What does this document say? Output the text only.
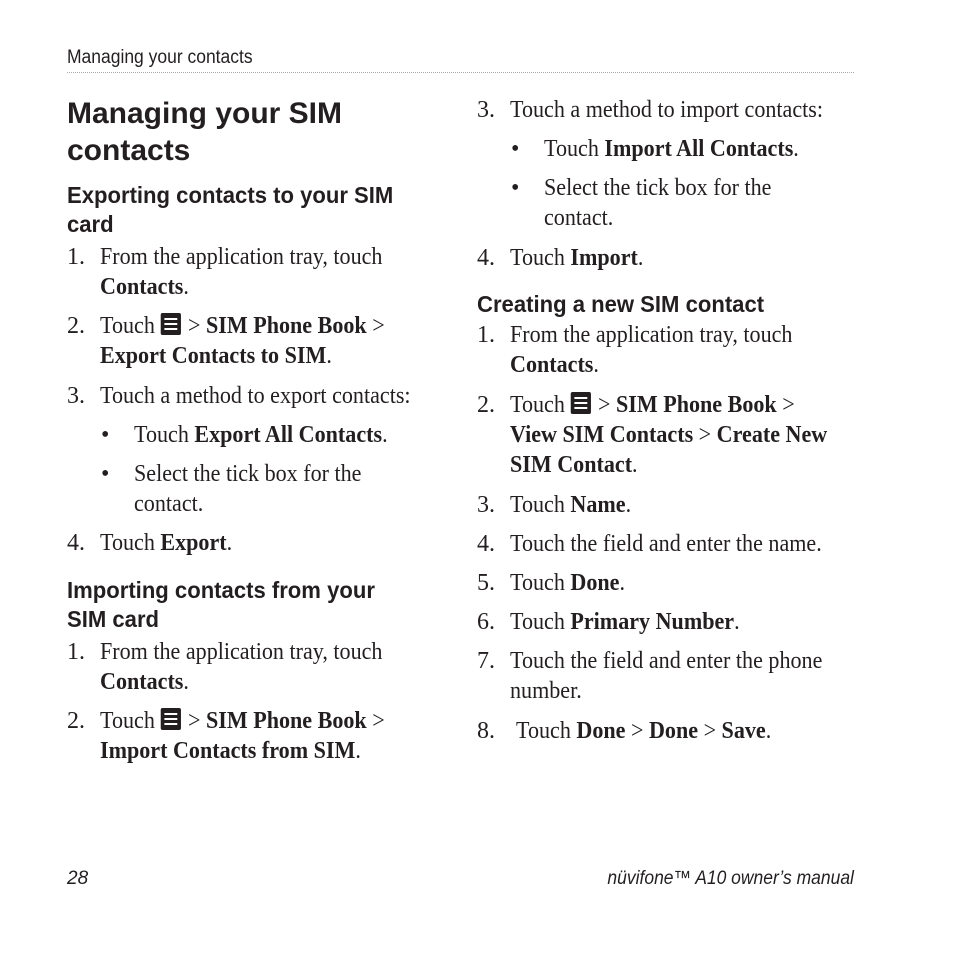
Managing your contacts
Managing your SIM
contacts
Exporting contacts to your SIM
card
1. From the application tray, touch
Contacts.
2. Touch
> SIM Phone Book >
Export Contacts to SIM.
3. Touch a method to export contacts:
• Touch Export All Contacts.
• Select the tick box for the
contact.
4. Touch Export.
Importing contacts from your
SIM card
1. From the application tray, touch
Contacts.
2. Touch
> SIM Phone Book >
Import Contacts from SIM.
3. Touch a method to import contacts:
• Touch Import All Contacts.
• Select the tick box for the
contact.
4. Touch Import.
Creating a new SIM contact
1. From the application tray, touch
Contacts.
2. Touch
> SIM Phone Book >
View SIM Contacts > Create New
SIM Contact.
3. Touch Name.
4. Touch the field and enter the name.
5. Touch Done.
6. Touch Primary Number.
7. Touch the field and enter the phone
number.
8. Touch Done > Done > Save.
28	nüvifone™ A10 owner’s manual
